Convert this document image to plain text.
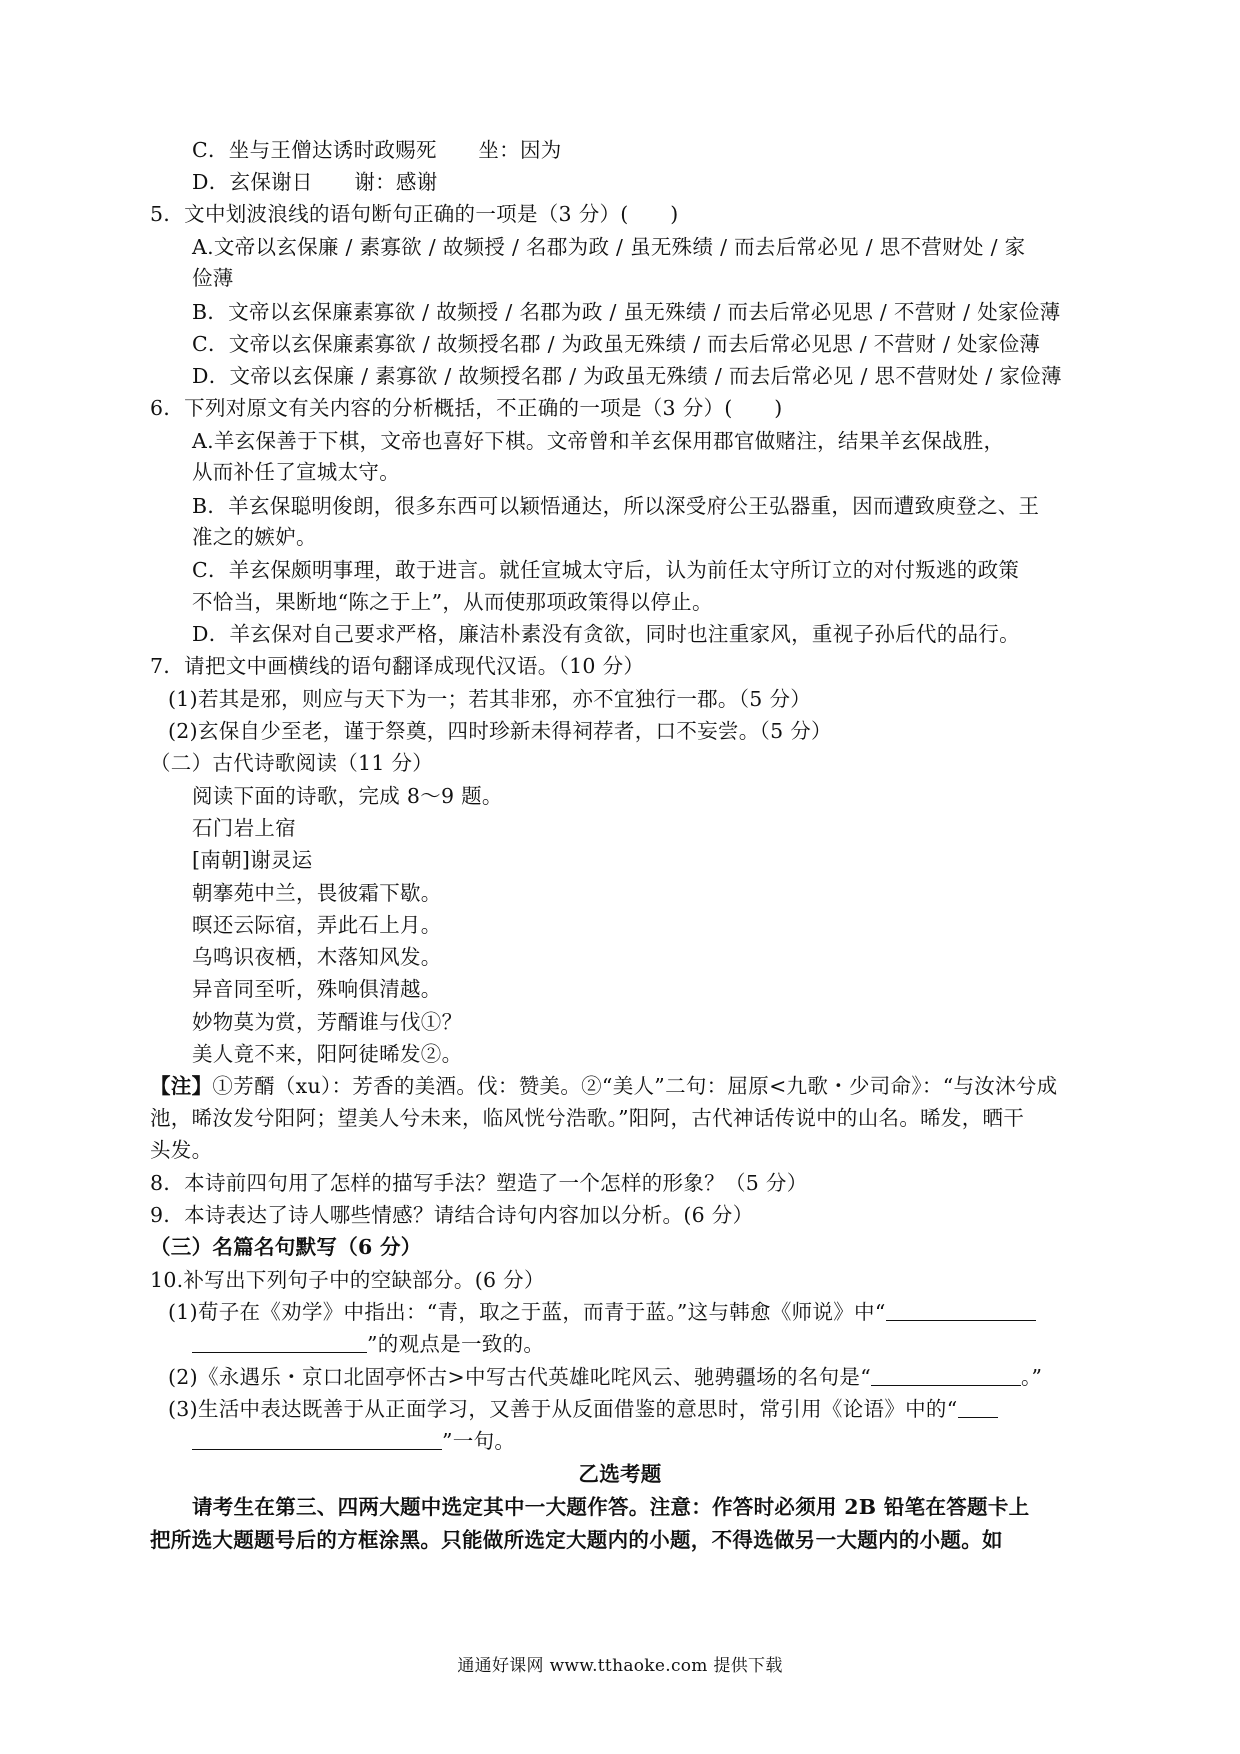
C．坐与王僧达诱时政赐死　　坐：因为
D．玄保谢日　　谢：感谢
5．文中划波浪线的语句断句正确的一项是（3 分）(　　)
A.文帝以玄保廉 / 素寡欲 / 故频授 / 名郡为政 / 虽无殊绩 / 而去后常必见 / 思不营财处 / 家
俭薄
B．文帝以玄保廉素寡欲 / 故频授 / 名郡为政 / 虽无殊绩 / 而去后常必见思 / 不营财 / 处家俭薄
C．文帝以玄保廉素寡欲 / 故频授名郡 / 为政虽无殊绩 / 而去后常必见思 / 不营财 / 处家俭薄
D．文帝以玄保廉 / 素寡欲 / 故频授名郡 / 为政虽无殊绩 / 而去后常必见 / 思不营财处 / 家俭薄
6．下列对原文有关内容的分析概括，不正确的一项是（3 分）(　　)
A.羊玄保善于下棋，文帝也喜好下棋。文帝曾和羊玄保用郡官做赌注，结果羊玄保战胜，
从而补任了宣城太守。
B．羊玄保聪明俊朗，很多东西可以颖悟通达，所以深受府公王弘器重，因而遭致庾登之、王
准之的嫉妒。
C．羊玄保颇明事理，敢于进言。就任宣城太守后，认为前任太守所订立的对付叛逃的政策
不恰当，果断地“陈之于上”，从而使那项政策得以停止。
D．羊玄保对自己要求严格，廉洁朴素没有贪欲，同时也注重家风，重视子孙后代的品行。
7．请把文中画横线的语句翻译成现代汉语。（10 分）
(1)若其是邪，则应与天下为一；若其非邪，亦不宜独行一郡。（5 分）
(2)玄保自少至老，谨于祭奠，四时珍新未得祠荐者，口不妄尝。（5 分）
（二）古代诗歌阅读（11 分）
阅读下面的诗歌，完成 8～9 题。
石门岩上宿
[南朝]谢灵运
朝搴苑中兰，畏彼霜下歇。
暝还云际宿，弄此石上月。
乌鸣识夜栖，木落知风发。
异音同至听，殊响俱清越。
妙物莫为赏，芳醑谁与伐①？
美人竟不来，阳阿徒晞发②。
【注】①芳醑（xu）：芳香的美酒。伐：赞美。②“美人”二句：屈原<九歌・少司命》：“与汝沐兮成
池，晞汝发兮阳阿；望美人兮未来，临风恍兮浩歌。”阳阿，古代神话传说中的山名。晞发，晒干
头发。
8．本诗前四句用了怎样的描写手法？塑造了一个怎样的形象？（5 分）
9．本诗表达了诗人哪些情感？请结合诗句内容加以分析。(6 分）
（三）名篇名句默写（6 分）
10.补写出下列句子中的空缺部分。(6 分）
(1)荀子在《劝学》中指出：“青，取之于蓝，而青于蓝。”这与韩愈《师说》中“
”的观点是一致的。
(2)《永遇乐・京口北固亭怀古>中写古代英雄叱咤风云、驰骋疆场的名句是“	。”
(3)生活中表达既善于从正面学习，又善于从反面借鉴的意思时，常引用《论语》中的“
”一句。
乙选考题
请考生在第三、四两大题中选定其中一大题作答。注意：作答时必须用 2B 铅笔在答题卡上
把所选大题题号后的方框涂黑。只能做所选定大题内的小题，不得选做另一大题内的小题。如
通通好课网 www.tthaoke.com 提供下载
